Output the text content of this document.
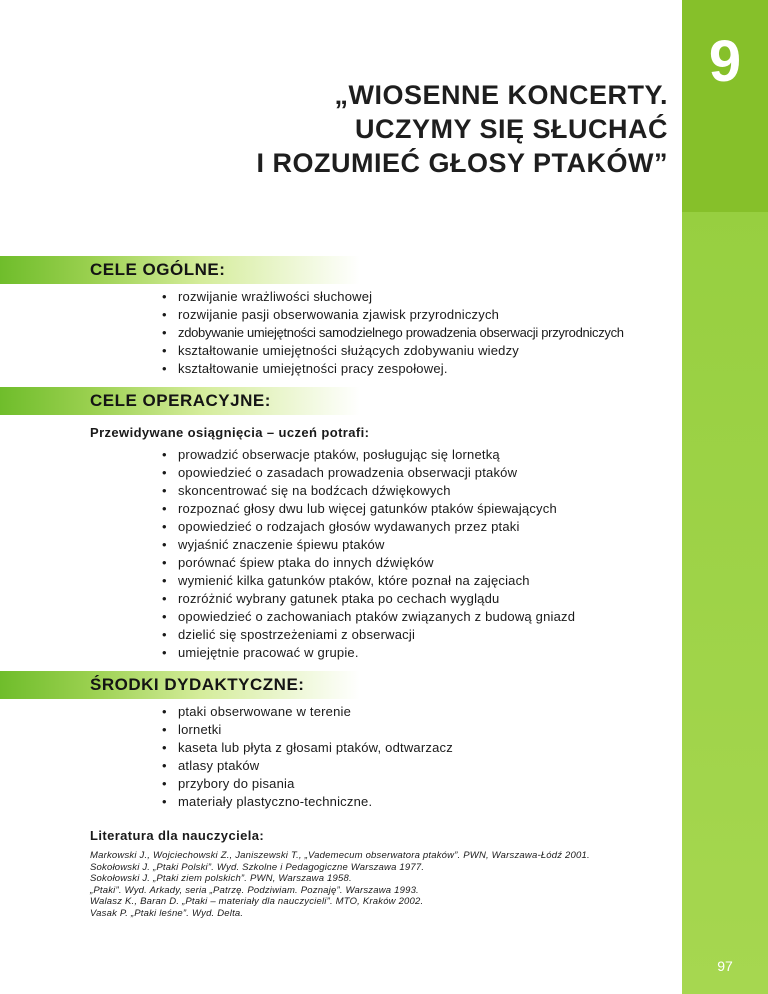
9
97
„WIOSENNE KONCERTY.
UCZYMY SIĘ SŁUCHAĆ
I ROZUMIEĆ GŁOSY PTAKÓW”
CELE OGÓLNE:
• rozwijanie wrażliwości słuchowej
• rozwijanie pasji obserwowania zjawisk przyrodniczych
• zdobywanie umiejętności samodzielnego prowadzenia obserwacji przyrodniczych
• kształtowanie umiejętności służących zdobywaniu wiedzy
• kształtowanie umiejętności pracy zespołowej.
CELE OPERACYJNE:
Przewidywane osiągnięcia – uczeń potrafi:
• prowadzić obserwacje ptaków, posługując się lornetką
• opowiedzieć o zasadach prowadzenia obserwacji ptaków
• skoncentrować się na bodźcach dźwiękowych
• rozpoznać głosy dwu lub więcej gatunków ptaków śpiewających
• opowiedzieć o rodzajach głosów wydawanych przez ptaki
• wyjaśnić znaczenie śpiewu ptaków
• porównać śpiew ptaka do innych dźwięków
• wymienić kilka gatunków ptaków, które poznał na zajęciach
• rozróżnić wybrany gatunek ptaka po cechach wyglądu
• opowiedzieć o zachowaniach ptaków związanych z budową gniazd
• dzielić się spostrzeżeniami z obserwacji
• umiejętnie pracować w grupie.
ŚRODKI DYDAKTYCZNE:
• ptaki obserwowane w terenie
• lornetki
• kaseta lub płyta z głosami ptaków, odtwarzacz
• atlasy ptaków
• przybory do pisania
• materiały plastyczno-techniczne.
Literatura dla nauczyciela:
Markowski J., Wojciechowski Z., Janiszewski T., „Vademecum obserwatora ptaków”. PWN, Warszawa-Łódź 2001.
Sokołowski J. „Ptaki Polski”. Wyd. Szkolne i Pedagogiczne Warszawa 1977.
Sokołowski J. „Ptaki ziem polskich”. PWN, Warszawa 1958.
„Ptaki”. Wyd. Arkady, seria „Patrzę. Podziwiam. Poznaję”. Warszawa 1993.
Walasz K., Baran D. „Ptaki – materiały dla nauczycieli”. MTO, Kraków 2002.
Vasak P. „Ptaki leśne”. Wyd. Delta.
